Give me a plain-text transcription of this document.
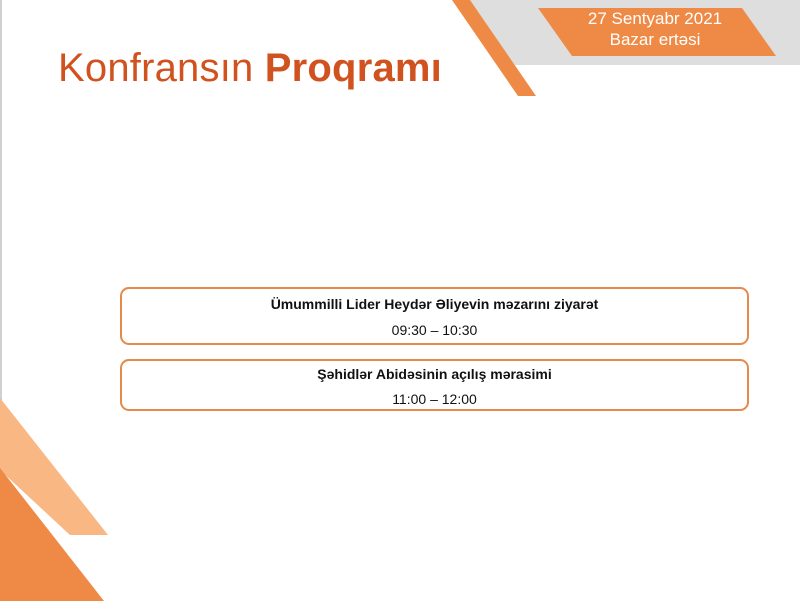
Konfransın Proqramı
27 Sentyabr 2021
Bazar ertəsi
Ümummilli Lider Heydər Əliyevin məzarını ziyarət
09:30 – 10:30
Şəhidlər Abidəsinin açılış mərasimi
11:00 – 12:00
